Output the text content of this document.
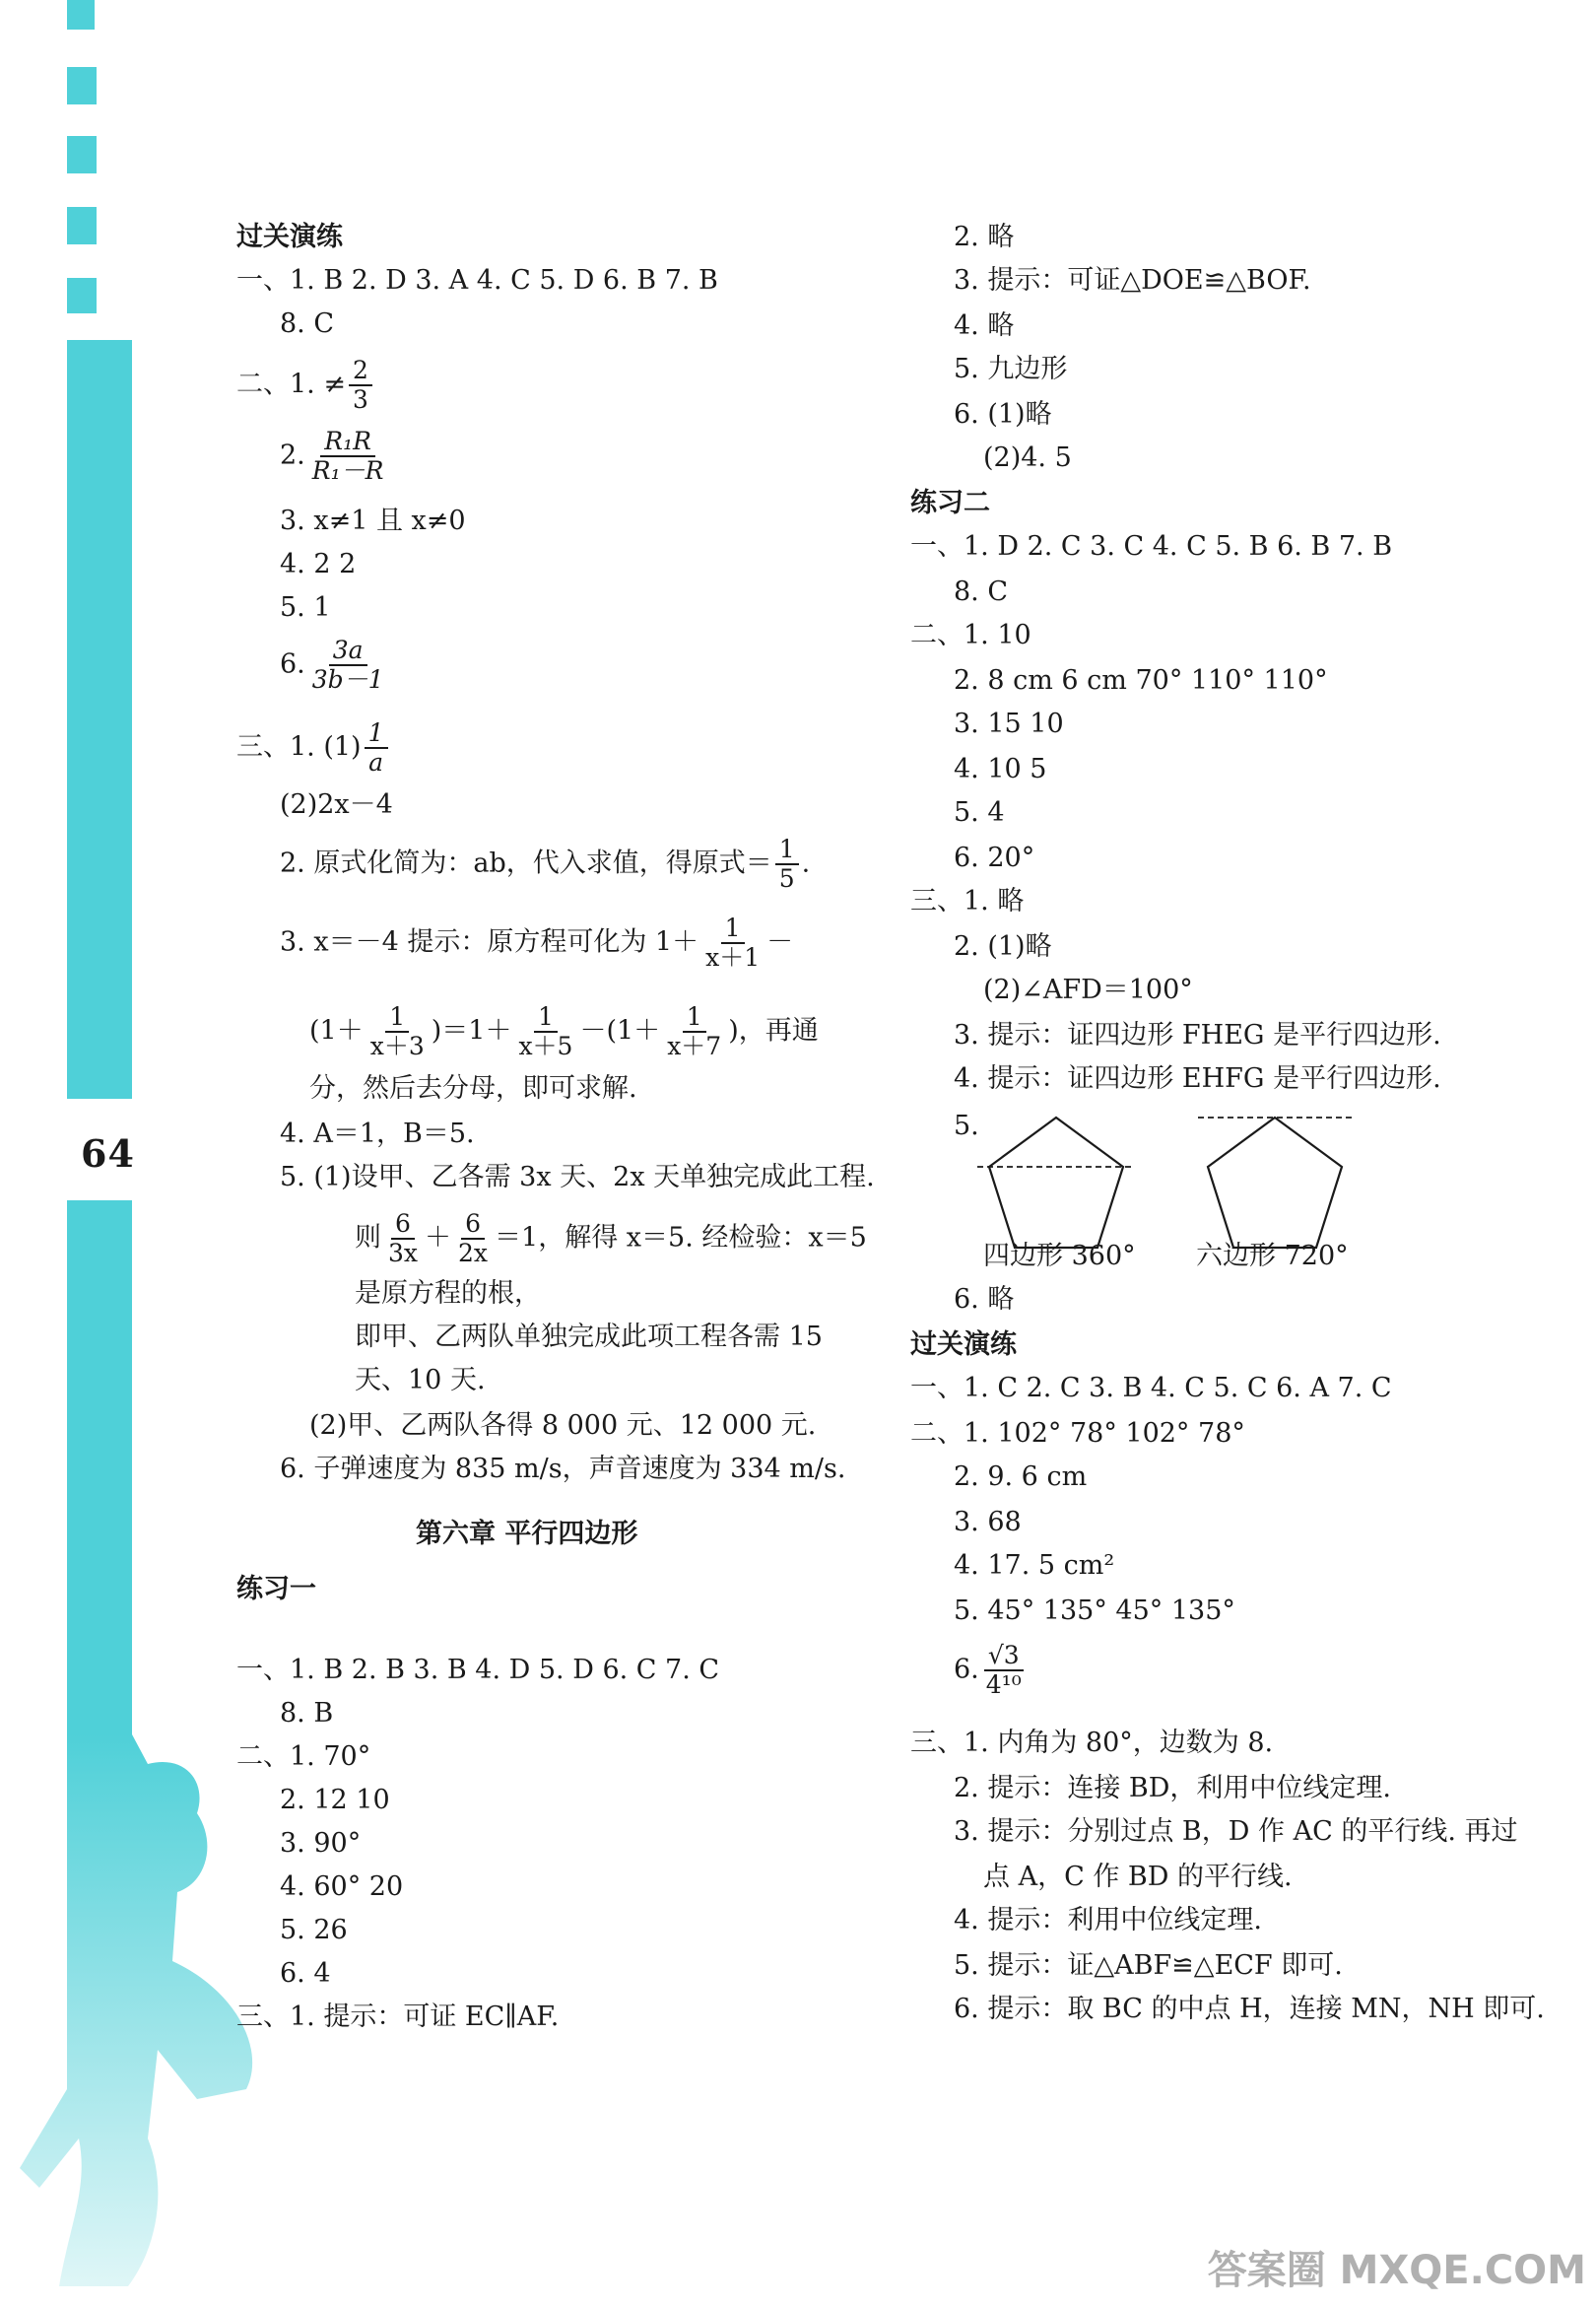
64
过关演练
一、1. B 2. D 3. A 4. C 5. D 6. B 7. B
8. C
二、1. ≠ $\frac{2}{3}$
2. $\frac{\text{R₁R}}{\text{R₁－R}}$
3. x≠1 且 x≠0
4. 2 2
5. 1
6. $\frac{3a}{3b-1}$
三、1. $(1) \frac{1}{a}$
(2)2x－4
2. 原式化简为：ab，代入求值，得原式＝ $\frac{1}{5}$ .
3. x＝－4 提示：原方程可化为 $1+ \frac{1}{x+1}$ －
$(1+ \frac{1}{x+3} )=1+ \frac{1}{x+5} -(1+ \frac{1}{x+7}$ )，再通
分，然后去分母，即可求解.
4. A＝1，B＝5.
5. (1)设甲、乙各需 3x 天、2x 天单独完成此工程.
则 $\frac{6}{3x} + \frac{6}{2x} =1$，解得 x＝5. 经检验：x＝5
是原方程的根，
即甲、乙两队单独完成此项工程各需 15
天、10 天.
(2)甲、乙两队各得 8 000 元、12 000 元.
6. 子弹速度为 835 m/s，声音速度为 334 m/s.
第六章 平行四边形
练习一
一、1. B 2. B 3. B 4. D 5. D 6. C 7. C
8. B
二、1. 70°
2. 12 10
3. 90°
4. 60° 20
5. 26
6. 4
三、1. 提示：可证 EC∥AF.
2. 略
3. 提示：可证△DOE≌△BOF.
4. 略
5. 九边形
6. (1)略
(2)4. 5
练习二
一、1. D 2. C 3. C 4. C 5. B 6. B 7. B
8. C
二、1. 10
2. 8 cm 6 cm 70° 110° 110°
3. 15 10
4. 10 5
5. 4
6. 20°
三、1. 略
2. (1)略
(2)∠AFD＝100°
3. 提示：证四边形 FHEG 是平行四边形.
4. 提示：证四边形 EHFG 是平行四边形.
5.
四边形 360° 六边形 720°
6. 略
过关演练
一、1. C 2. C 3. B 4. C 5. C 6. A 7. C
二、1. 102° 78° 102° 78°
2. 9. 6 cm
3. 68
4. 17. 5 cm²
5. 45° 135° 45° 135°
6. $\frac{√3}{\text{4¹⁰}}$
三、1. 内角为 80°，边数为 8.
2. 提示：连接 BD，利用中位线定理.
3. 提示：分别过点 B，D 作 AC 的平行线. 再过
点 A，C 作 BD 的平行线.
4. 提示：利用中位线定理.
5. 提示：证△ABF≌△ECF 即可.
6. 提示：取 BC 的中点 H，连接 MN，NH 即可.
答案圈 MXQE.COM
